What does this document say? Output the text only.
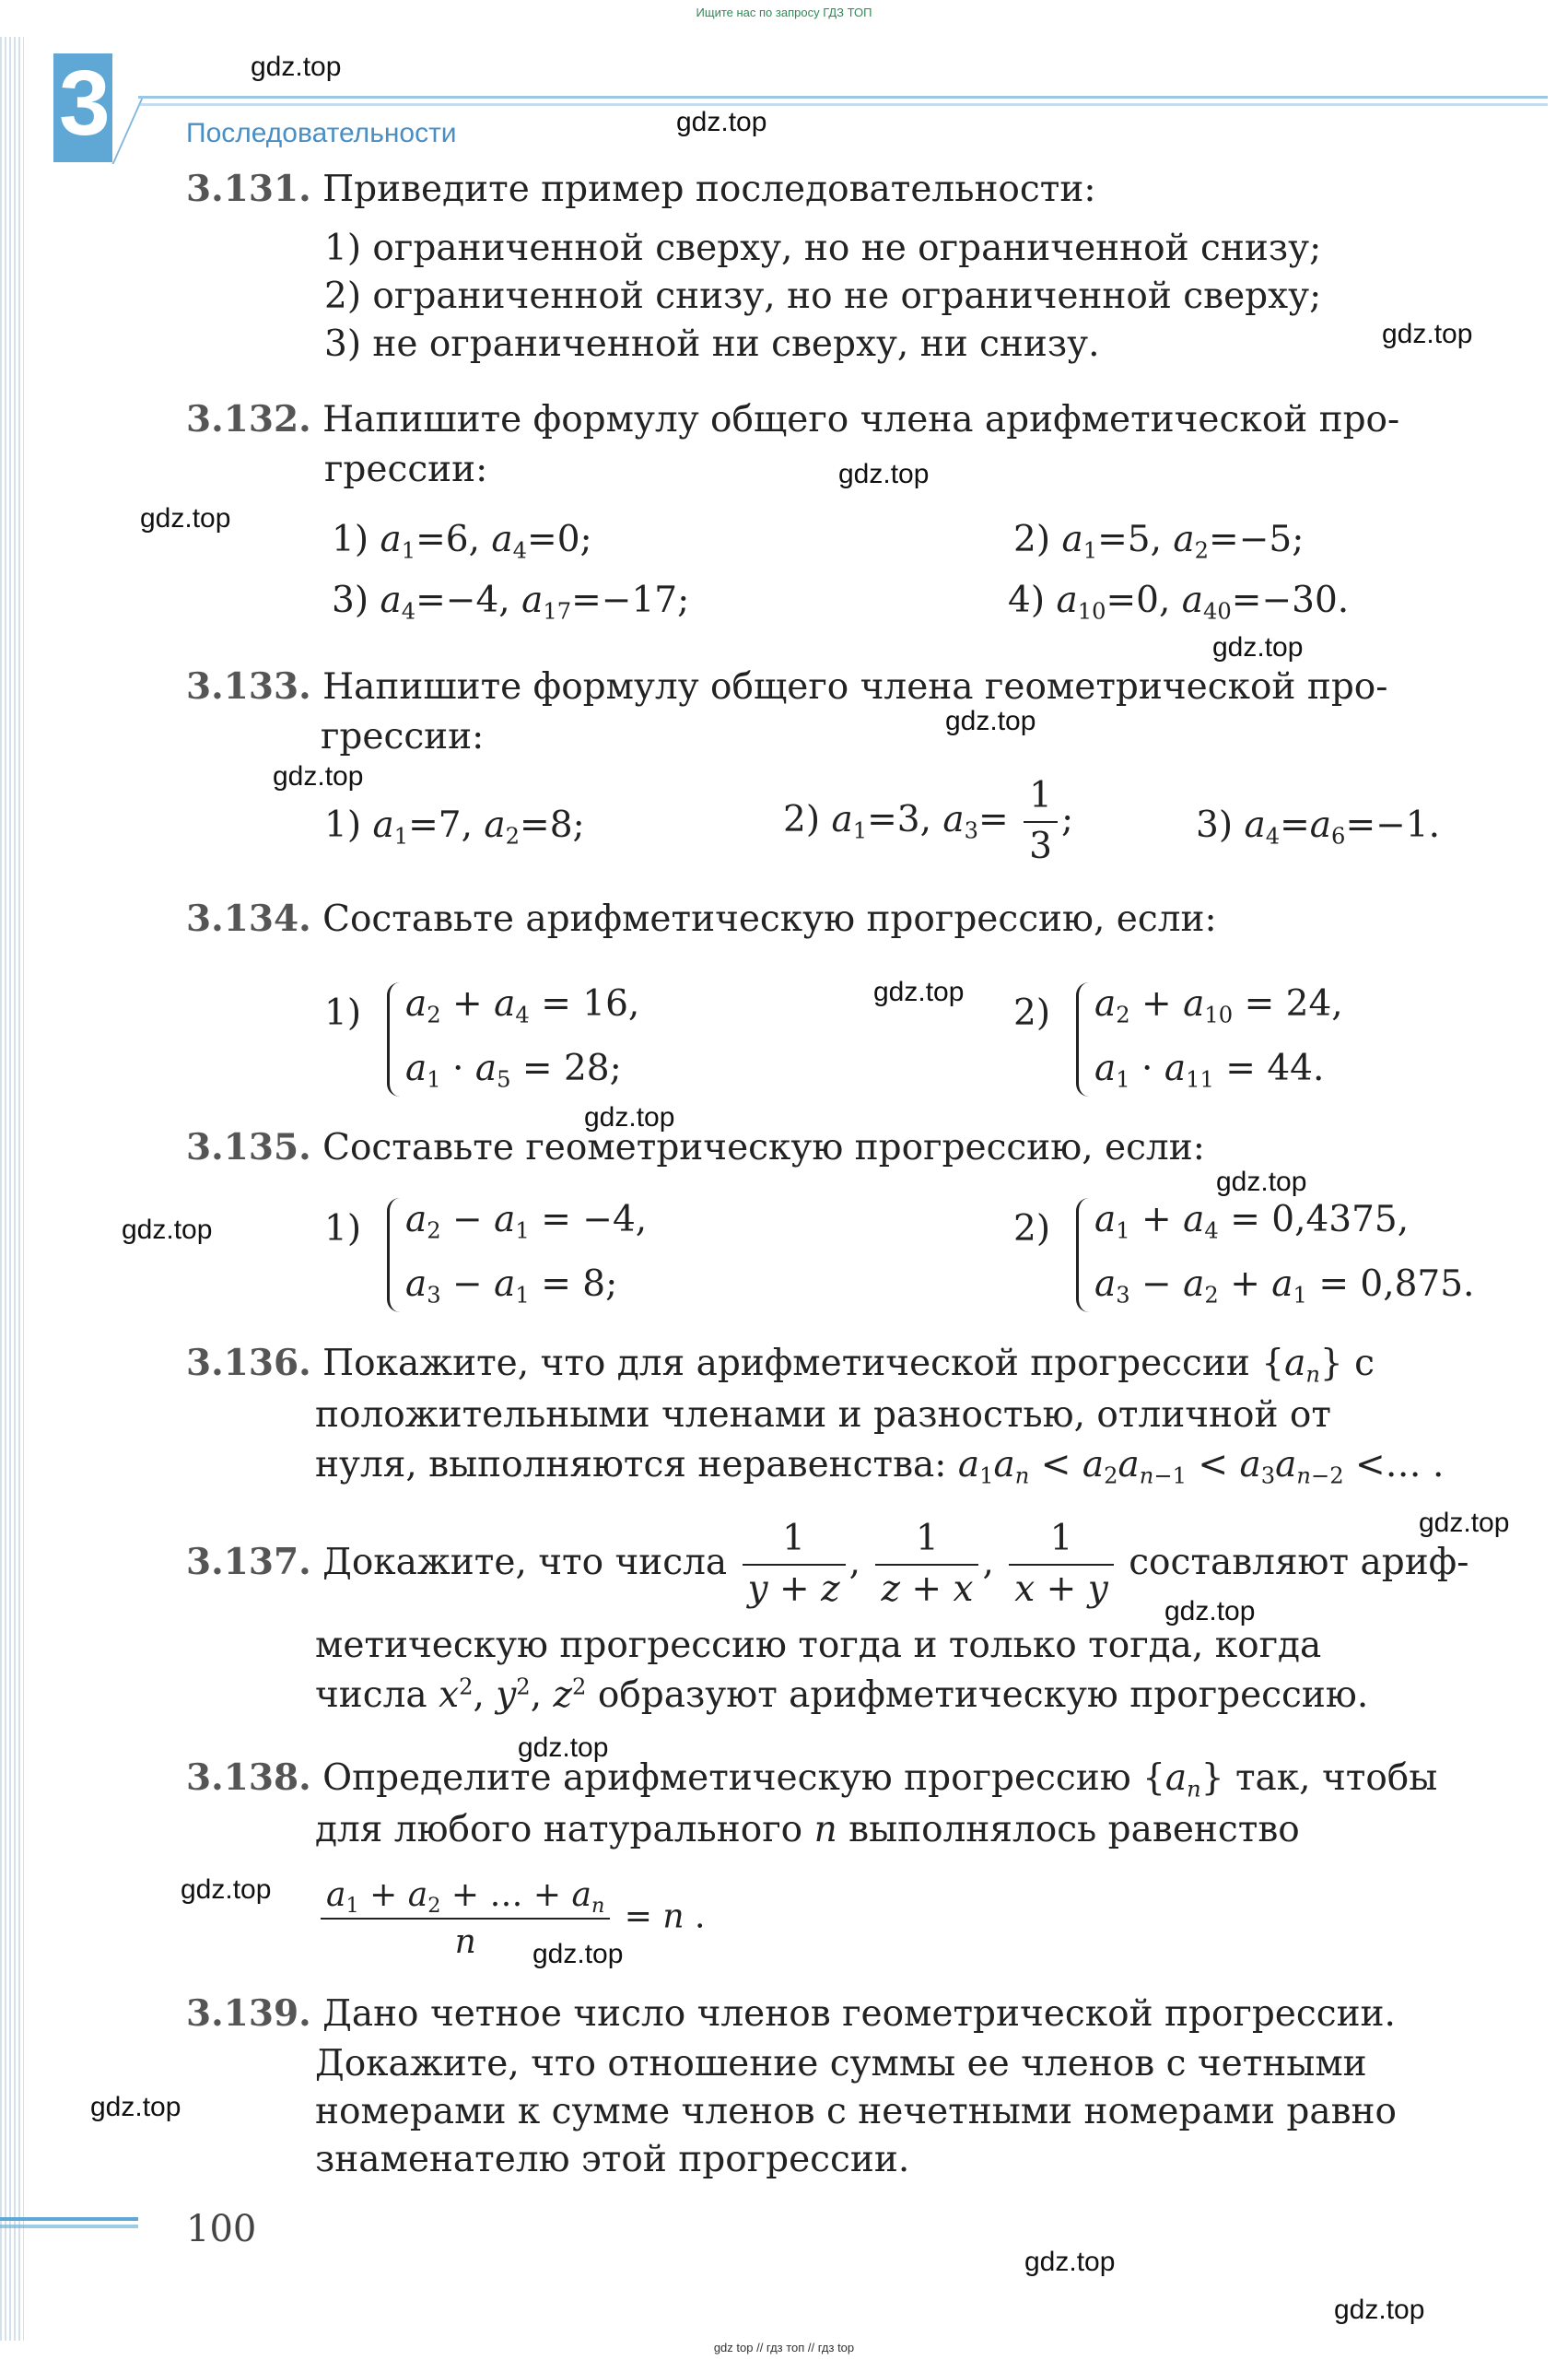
Ищите нас по запросу ГДЗ ТОП
3	Последовательности
3.131. Приведите пример последовательности:
1) ограниченной сверху, но не ограниченной снизу;
2) ограниченной снизу, но не ограниченной сверху;
3) не ограниченной ни сверху, ни снизу.
3.132. Напишите формулу общего члена арифметической про-
грессии:
1) $a_1=6$, $a_4=0$;	2) $a_1=5$, $a_2=-5$;
3) $a_4=-4$, $a_{17}=-17$;	4) $a_{10}=0$, $a_{40}=-30$.
3.133. Напишите формулу общего члена геометрической про-
грессии:
1) $a_1=7$, $a_2=8$;	2) $a_1=3$, $a_3= \frac{1}{3}$ ;	3) $a_4=a_6=-1$.
3.134. Составьте арифметическую прогрессию, если:
1) $a_2 + a_4 = 16$,
$a_1 \cdot a_5 = 28$;
2) $a_2 + a_{10} = 24$,
$a_1 \cdot a_{11} = 44$.
3.135. Составьте геометрическую прогрессию, если:
1) $a_2 - a_1 = -4$,
$a_3 - a_1 = 8$;
2) $a_1 + a_4 = 0,4375$,
$a_3 - a_2 + a_1 = 0,875$.
3.136. Покажите, что для арифметической прогрессии $\{a_n\}$ с
положительными членами и разностью, отличной от
нуля, выполняются неравенства: $a_1a_n < a_2a_{n-1} < a_3a_{n-2}$ <… .
3.137. Докажите, что числа $\frac{1}{y + z}$ , $\frac{1}{z + x}$ , $\frac{1}{x + y}$ составляют ариф-
метическую прогрессию тогда и только тогда, когда
числа $x^2$, $y^2$, $z^2$ образуют арифметическую прогрессию.
3.138. Определите арифметическую прогрессию $\{a_n\}$ так, чтобы
для любого натурального n выполнялось равенство
$\frac{a_1 + a_2 + \dots + a_n}{n} = n$ .
3.139. Дано четное число членов геометрической прогрессии.
Докажите, что отношение суммы ее членов с четными
номерами к сумме членов с нечетными номерами равно
знаменателю этой прогрессии.
100
gdz top // гдз топ // гдз top
gdz.top
gdz.top
gdz.top
gdz.top
gdz.top
gdz.top
gdz.top
gdz.top
gdz.top
gdz.top
gdz.top
gdz.top
gdz.top
gdz.top
gdz.top
gdz.top
gdz.top
gdz.top
gdz.top
gdz.top
